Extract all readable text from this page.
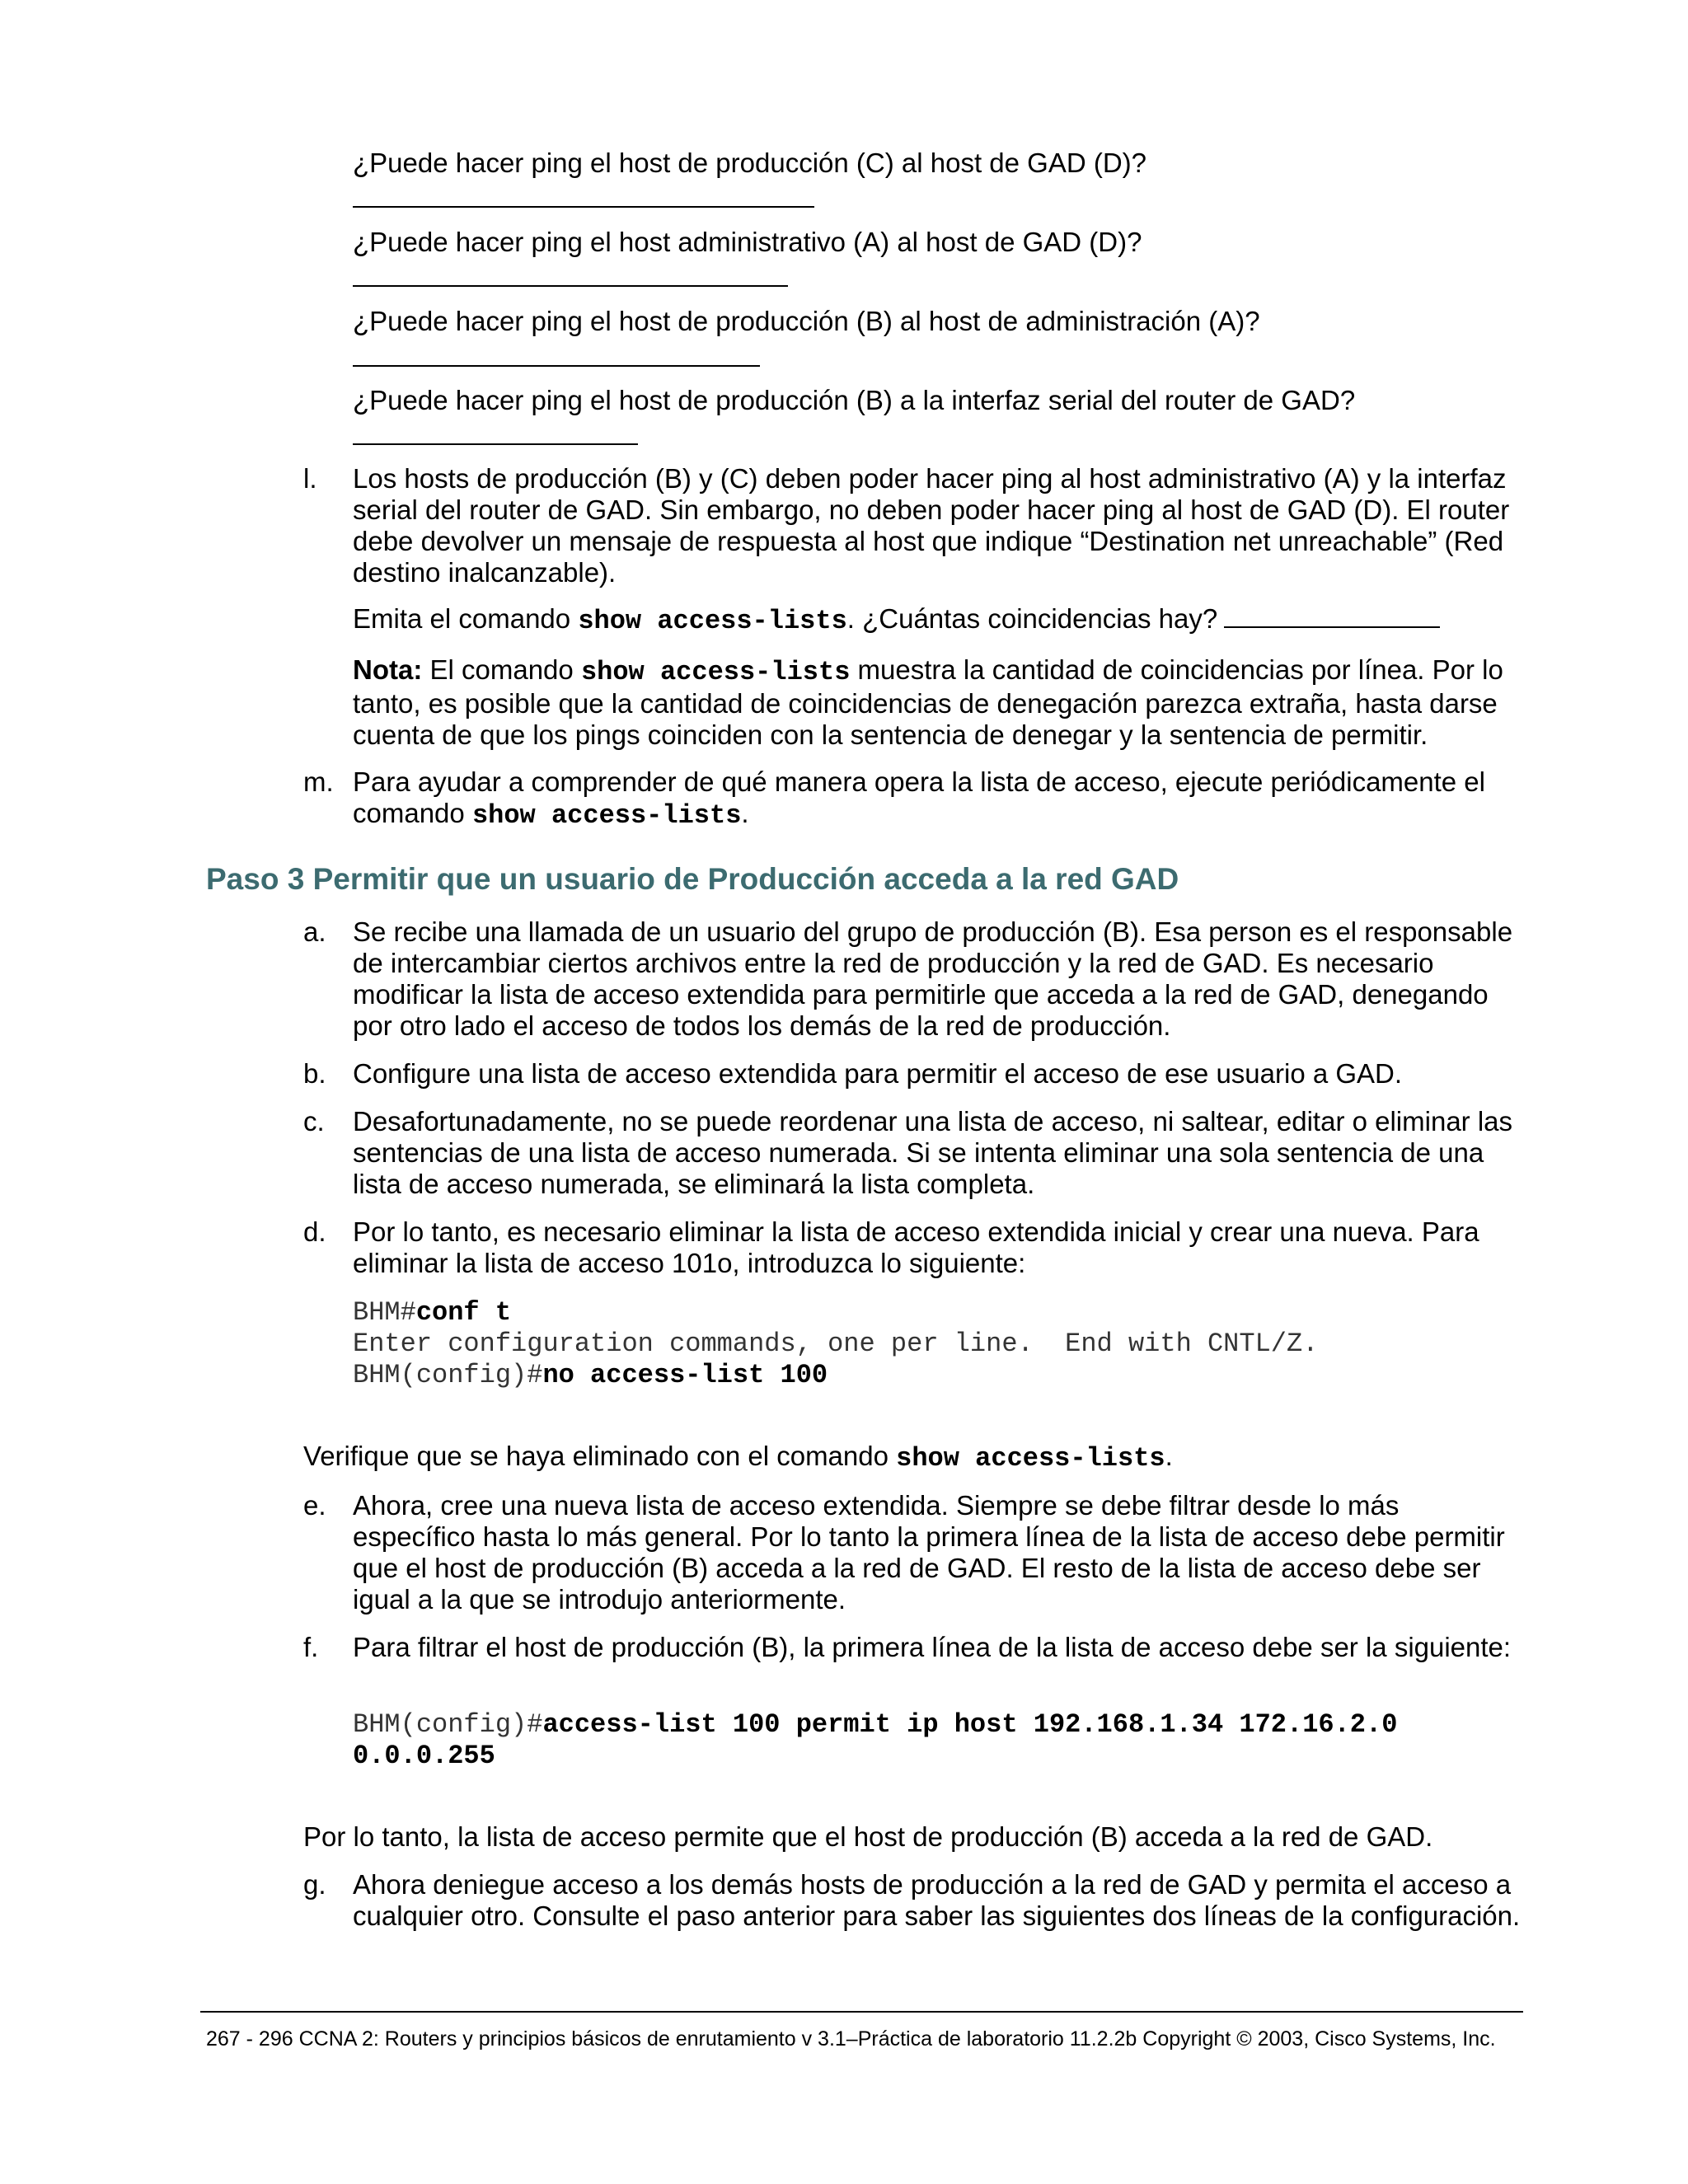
¿Puede hacer ping el host de producción (C) al host de GAD (D)?
¿Puede hacer ping el host administrativo (A) al host de GAD (D)?
¿Puede hacer ping el host de producción (B) al host de administración (A)?
¿Puede hacer ping el host de producción (B) a la interfaz serial del router de GAD?
l.	Los hosts de producción (B) y (C) deben poder hacer ping al host administrativo (A) y la interfaz serial del router de GAD. Sin embargo, no deben poder hacer ping al host de GAD (D). El router debe devolver un mensaje de respuesta al host que indique “Destination net unreachable” (Red destino inalcanzable).
Emita el comando show access-lists. ¿Cuántas coincidencias hay?
Nota: El comando show access-lists muestra la cantidad de coincidencias por línea. Por lo tanto, es posible que la cantidad de coincidencias de denegación parezca extraña, hasta darse cuenta de que los pings coinciden con la sentencia de denegar y la sentencia de permitir.
m. Para ayudar a comprender de qué manera opera la lista de acceso, ejecute periódicamente el comando show access-lists.
Paso 3 Permitir que un usuario de Producción acceda a la red GAD
a. Se recibe una llamada de un usuario del grupo de producción (B). Esa person es el responsable de intercambiar ciertos archivos entre la red de producción y la red de GAD. Es necesario modificar la lista de acceso extendida para permitirle que acceda a la red de GAD, denegando por otro lado el acceso de todos los demás de la red de producción.
b. Configure una lista de acceso extendida para permitir el acceso de ese usuario a GAD.
c.	Desafortunadamente, no se puede reordenar una lista de acceso, ni saltear, editar o eliminar las sentencias de una lista de acceso numerada. Si se intenta eliminar una sola sentencia de una lista de acceso numerada, se eliminará la lista completa.
d. Por lo tanto, es necesario eliminar la lista de acceso extendida inicial y crear una nueva. Para eliminar la lista de acceso 101o, introduzca lo siguiente:
BHM#conf t
Enter configuration commands, one per line.  End with CNTL/Z.
BHM(config)#no access-list 100
Verifique que se haya eliminado con el comando show access-lists.
e. Ahora, cree una nueva lista de acceso extendida. Siempre se debe filtrar desde lo más específico hasta lo más general. Por lo tanto la primera línea de la lista de acceso debe permitir que el host de producción (B) acceda a la red de GAD. El resto de la lista de acceso debe ser igual a la que se introdujo anteriormente.
f.	Para filtrar el host de producción (B), la primera línea de la lista de acceso debe ser la siguiente:
BHM(config)#access-list 100 permit ip host 192.168.1.34 172.16.2.0
0.0.0.255
Por lo tanto, la lista de acceso permite que el host de producción (B) acceda a la red de GAD.
g. Ahora deniegue acceso a los demás hosts de producción a la red de GAD y permita el acceso a cualquier otro. Consulte el paso anterior para saber las siguientes dos líneas de la configuración.
267 - 296 CCNA 2: Routers y principios básicos de enrutamiento v 3.1–Práctica de laboratorio 11.2.2b Copyright © 2003, Cisco Systems, Inc.
